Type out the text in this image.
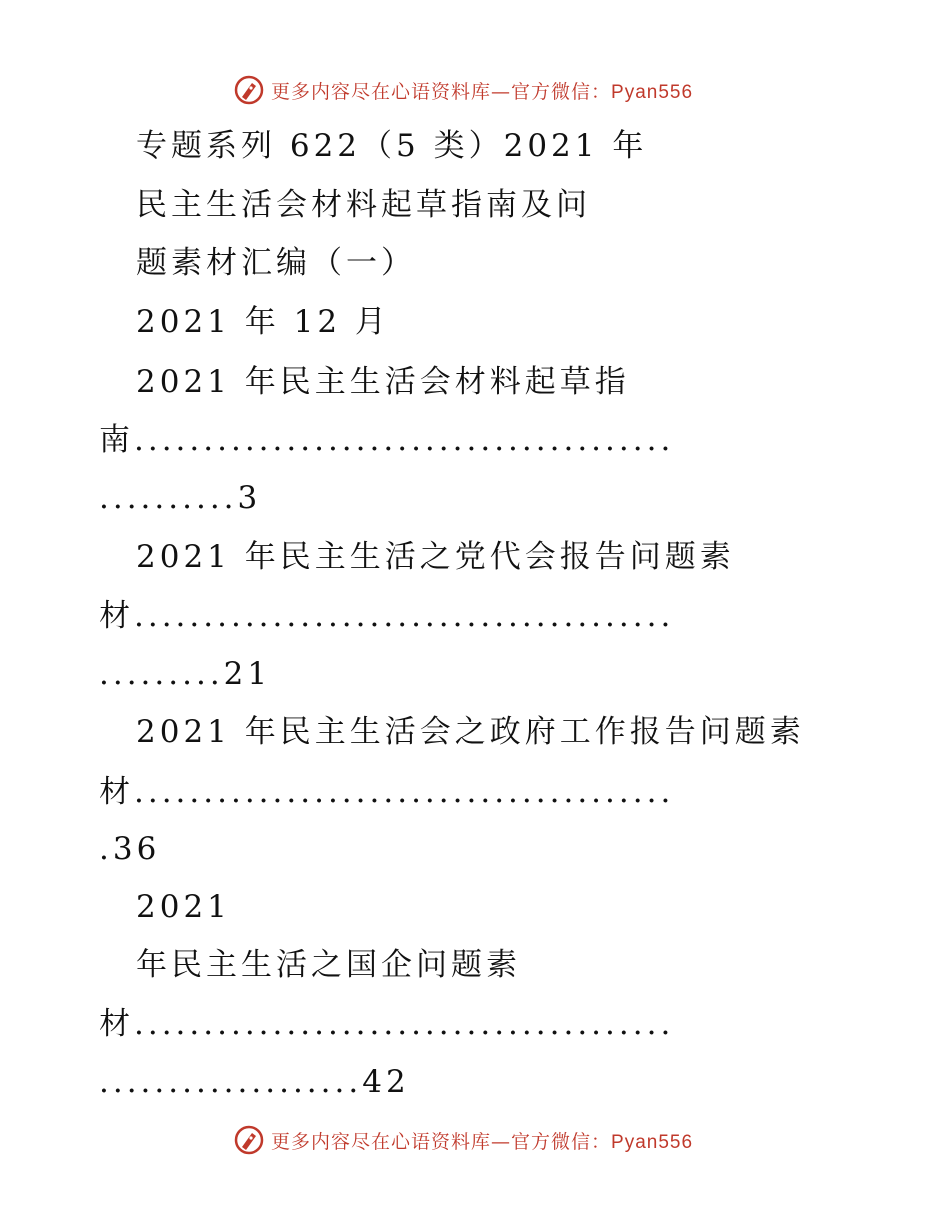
更多内容尽在心语资料库—官方微信：Pyan556
专题系列 622（5 类）2021 年
民主生活会材料起草指南及问
题素材汇编（一）
2021 年 12 月
2021 年民主生活会材料起草指
南.......................................
..........3
2021 年民主生活之党代会报告问题素
材.......................................
.........21
2021 年民主生活会之政府工作报告问题素
材.......................................
.36
2021
年民主生活之国企问题素
材.......................................
...................42
更多内容尽在心语资料库—官方微信：Pyan556
